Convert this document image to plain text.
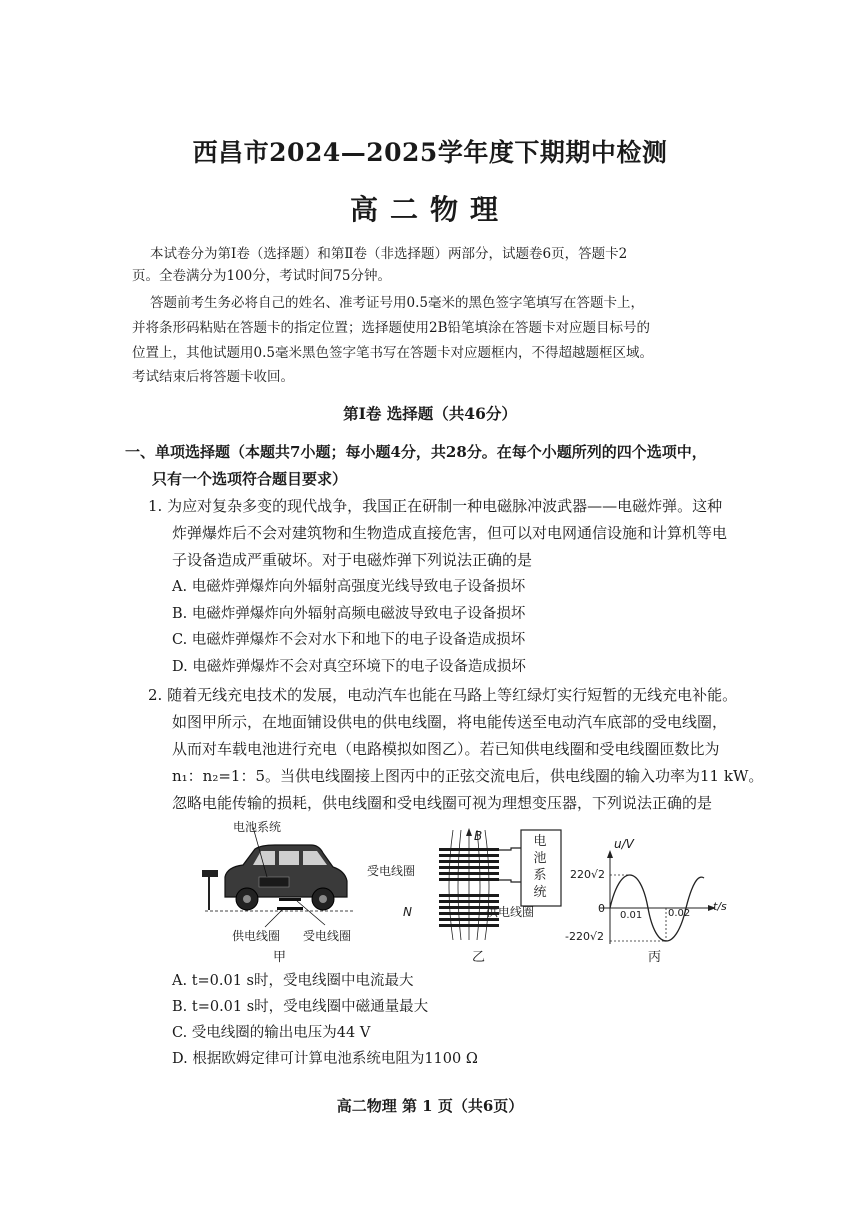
西昌市2024—2025学年度下期期中检测
高二物理
本试卷分为第Ⅰ卷（选择题）和第Ⅱ卷（非选择题）两部分，试题卷6页，答题卡2
页。全卷满分为100分，考试时间75分钟。
答题前考生务必将自己的姓名、准考证号用0.5毫米的黑色签字笔填写在答题卡上，
并将条形码粘贴在答题卡的指定位置；选择题使用2B铅笔填涂在答题卡对应题目标号的
位置上，其他试题用0.5毫米黑色签字笔书写在答题卡对应题框内，不得超越题框区域。
考试结束后将答题卡收回。
第Ⅰ卷 选择题（共46分）
一、单项选择题（本题共7小题；每小题4分，共28分。在每个小题所列的四个选项中，
只有一个选项符合题目要求）
1. 为应对复杂多变的现代战争，我国正在研制一种电磁脉冲波武器——电磁炸弹。这种
炸弹爆炸后不会对建筑物和生物造成直接危害，但可以对电网通信设施和计算机等电
子设备造成严重破坏。对于电磁炸弹下列说法正确的是
A. 电磁炸弹爆炸向外辐射高强度光线导致电子设备损坏
B. 电磁炸弹爆炸向外辐射高频电磁波导致电子设备损坏
C. 电磁炸弹爆炸不会对水下和地下的电子设备造成损坏
D. 电磁炸弹爆炸不会对真空环境下的电子设备造成损坏
2. 随着无线充电技术的发展，电动汽车也能在马路上等红绿灯实行短暂的无线充电补能。
如图甲所示，在地面铺设供电的供电线圈，将电能传送至电动汽车底部的受电线圈，
从而对车载电池进行充电（电路模拟如图乙）。若已知供电线圈和受电线圈匝数比为
n₁：n₂=1：5。当供电线圈接上图丙中的正弦交流电后，供电线圈的输入功率为11 kW。
忽略电能传输的损耗，供电线圈和受电线圈可视为理想变压器，下列说法正确的是
电池系统
供电线圈 受电线圈
甲
B
受电线圈
供电线圈
N
电
池
系
统
乙
u/V
t/s
220√2
-220√2
0
0.01	0.02
丙
A. t=0.01 s时，受电线圈中电流最大
B. t=0.01 s时，受电线圈中磁通量最大
C. 受电线圈的输出电压为44 V
D. 根据欧姆定律可计算电池系统电阻为1100 Ω
高二物理 第 1 页（共6页）
